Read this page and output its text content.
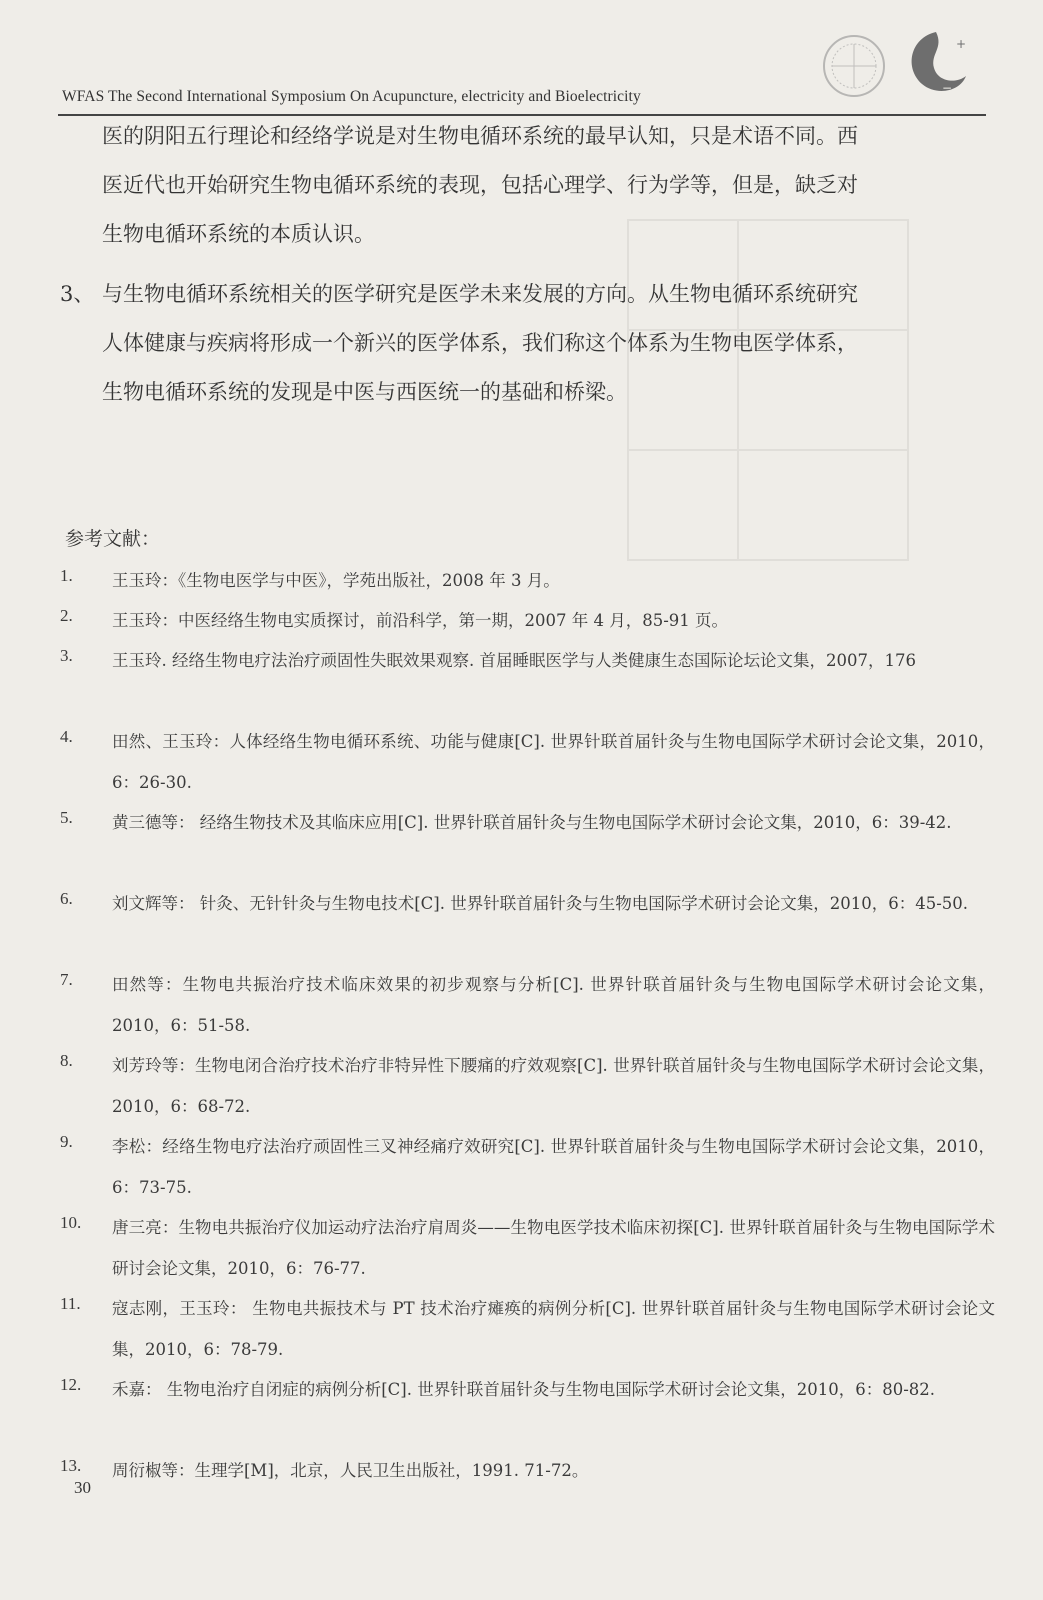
WFAS The Second International Symposium On Acupuncture, electricity and Bioelectricity
+
−
医的阴阳五行理论和经络学说是对生物电循环系统的最早认知，只是术语不同。西
医近代也开始研究生物电循环系统的表现，包括心理学、行为学等，但是，缺乏对
生物电循环系统的本质认识。
3、 与生物电循环系统相关的医学研究是医学未来发展的方向。从生物电循环系统研究
人体健康与疾病将形成一个新兴的医学体系，我们称这个体系为生物电医学体系，
生物电循环系统的发现是中医与西医统一的基础和桥梁。
参考文献：
1.	王玉玲：《生物电医学与中医》，学苑出版社，2008 年 3 月。
2.	王玉玲：中医经络生物电实质探讨，前沿科学，第一期，2007 年 4 月，85-91 页。
3.	王玉玲. 经络生物电疗法治疗顽固性失眠效果观察. 首届睡眠医学与人类健康生态国际论坛论文集，2007，176
4.	田然、王玉玲：人体经络生物电循环系统、功能与健康[C]. 世界针联首届针灸与生物电国际学术研讨会论文集，2010，6：26-30.
5.	黄三德等： 经络生物技术及其临床应用[C]. 世界针联首届针灸与生物电国际学术研讨会论文集，2010，6：39-42.
6.	刘文辉等： 针灸、无针针灸与生物电技术[C]. 世界针联首届针灸与生物电国际学术研讨会论文集，2010，6：45-50.
7.	田然等：生物电共振治疗技术临床效果的初步观察与分析[C]. 世界针联首届针灸与生物电国际学术研讨会论文集，2010，6：51-58.
8.	刘芳玲等：生物电闭合治疗技术治疗非特异性下腰痛的疗效观察[C]. 世界针联首届针灸与生物电国际学术研讨会论文集，2010，6：68-72.
9.	李松：经络生物电疗法治疗顽固性三叉神经痛疗效研究[C]. 世界针联首届针灸与生物电国际学术研讨会论文集，2010，6：73-75.
10.	唐三亮：生物电共振治疗仪加运动疗法治疗肩周炎——生物电医学技术临床初探[C]. 世界针联首届针灸与生物电国际学术研讨会论文集，2010，6：76-77.
11.	寇志刚，王玉玲： 生物电共振技术与 PT 技术治疗瘫痪的病例分析[C]. 世界针联首届针灸与生物电国际学术研讨会论文集，2010，6：78-79.
12.	禾嘉： 生物电治疗自闭症的病例分析[C]. 世界针联首届针灸与生物电国际学术研讨会论文集，2010，6：80-82.
13.	周衍椒等：生理学[M]，北京，人民卫生出版社，1991. 71-72。
30
